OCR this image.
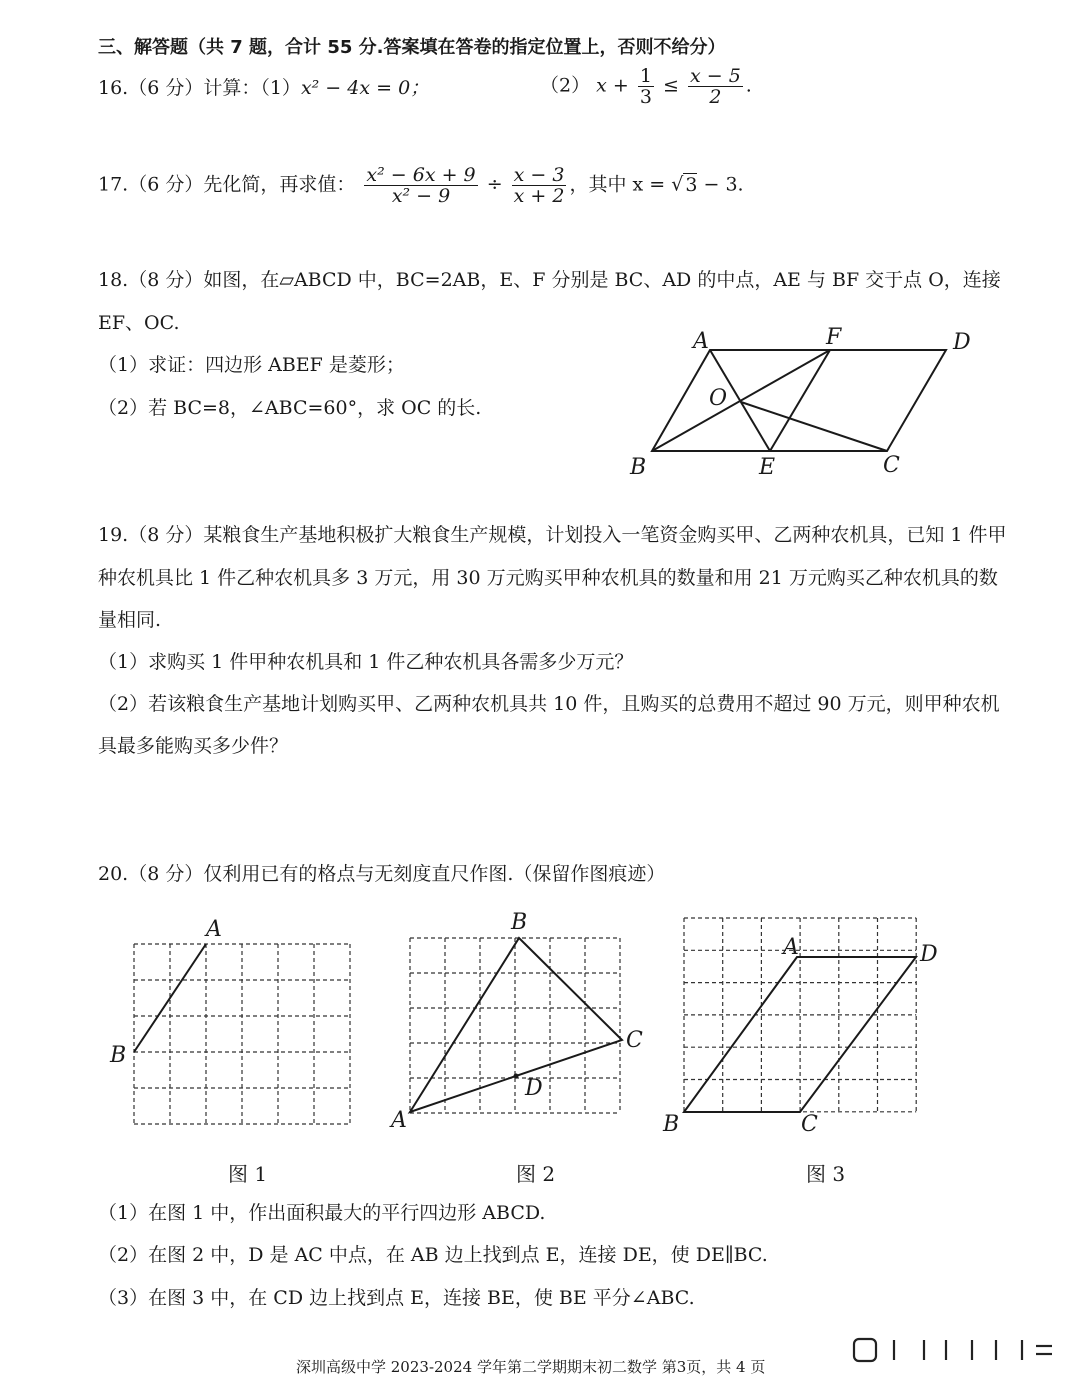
三、解答题（共 7 题，合计 55 分.答案填在答卷的指定位置上，否则不给分）
16.（6 分）计算：（1）x² − 4x = 0；	（2） $x + \frac{1}{3} \le \frac{x - 5}{2}$ .
17.（6 分）先化简，再求值： $\frac{\text{x² − 6x + 9}}{\text{x² − 9}} \div \frac{x - 3}{x + 2}$ ，其中 x = √ 3 − 3.
18.（8 分）如图，在▱ABCD 中，BC=2AB，E、F 分别是 BC、AD 的中点，AE 与 BF 交于点 O，连接
EF、OC.
（1）求证：四边形 ABEF 是菱形；
（2）若 BC=8，∠ABC=60°，求 OC 的长.
A	F	D
O
B	E	C
19.（8 分）某粮食生产基地积极扩大粮食生产规模，计划投入一笔资金购买甲、乙两种农机具，已知 1 件甲
种农机具比 1 件乙种农机具多 3 万元，用 30 万元购买甲种农机具的数量和用 21 万元购买乙种农机具的数
量相同.
（1）求购买 1 件甲种农机具和 1 件乙种农机具各需多少万元？
（2）若该粮食生产基地计划购买甲、乙两种农机具共 10 件，且购买的总费用不超过 90 万元，则甲种农机
具最多能购买多少件？
20.（8 分）仅利用已有的格点与无刻度直尺作图.（保留作图痕迹）
A
B
B
C
D
A
A	D
B	C
图 1	图 2	图 3
（1）在图 1 中，作出面积最大的平行四边形 ABCD.
（2）在图 2 中，D 是 AC 中点，在 AB 边上找到点 E，连接 DE，使 DE∥BC.
（3）在图 3 中，在 CD 边上找到点 E，连接 BE，使 BE 平分∠ABC.
深圳高级中学 2023-2024 学年第二学期期末初二数学 第3页，共 4 页
